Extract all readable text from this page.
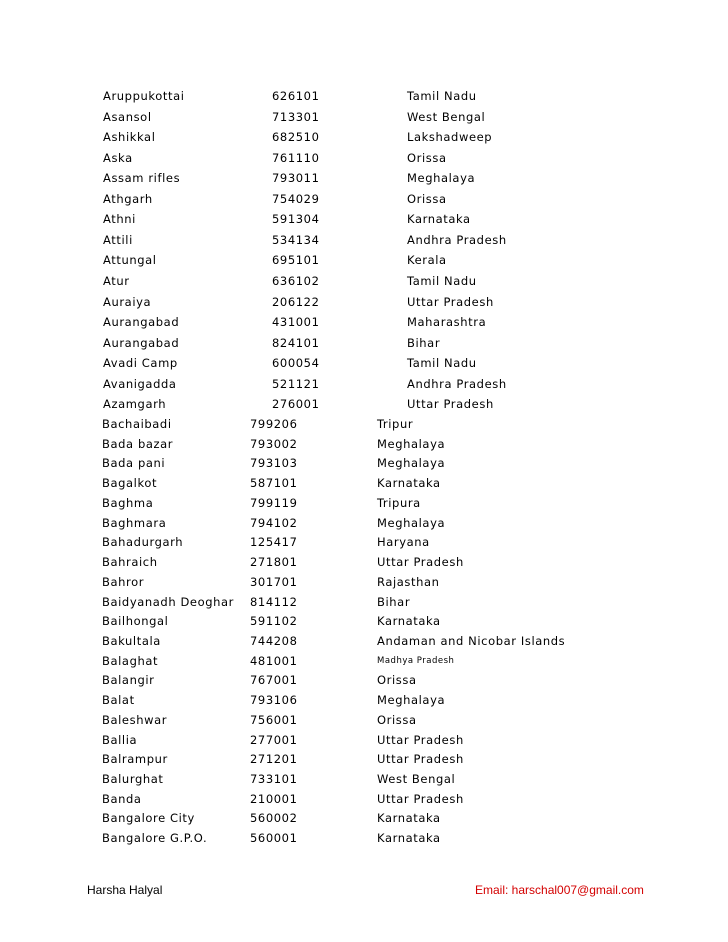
Aruppukottai	626101	Tamil Nadu
Asansol	713301	West Bengal
Ashikkal	682510	Lakshadweep
Aska	761110	Orissa
Assam rifles	793011	Meghalaya
Athgarh	754029	Orissa
Athni	591304	Karnataka
Attili	534134	Andhra Pradesh
Attungal	695101	Kerala
Atur	636102	Tamil Nadu
Auraiya	206122	Uttar Pradesh
Aurangabad	431001	Maharashtra
Aurangabad	824101	Bihar
Avadi Camp	600054	Tamil Nadu
Avanigadda	521121	Andhra Pradesh
Azamgarh	276001	Uttar Pradesh
Bachaibadi	799206	Tripur
Bada bazar	793002	Meghalaya
Bada pani	793103	Meghalaya
Bagalkot	587101	Karnataka
Baghma	799119	Tripura
Baghmara	794102	Meghalaya
Bahadurgarh	125417	Haryana
Bahraich	271801	Uttar Pradesh
Bahror	301701	Rajasthan
Baidyanadh Deoghar 814112	Bihar
Bailhongal	591102	Karnataka
Bakultala	744208	Andaman and Nicobar Islands
Balaghat	481001	Madhya Pradesh
Balangir	767001	Orissa
Balat	793106	Meghalaya
Baleshwar	756001	Orissa
Ballia	277001	Uttar Pradesh
Balrampur	271201	Uttar Pradesh
Balurghat	733101	West Bengal
Banda	210001	Uttar Pradesh
Bangalore City	560002	Karnataka
Bangalore G.P.O.	560001	Karnataka
Harsha Halyal	Email: harschal007@gmail.com
